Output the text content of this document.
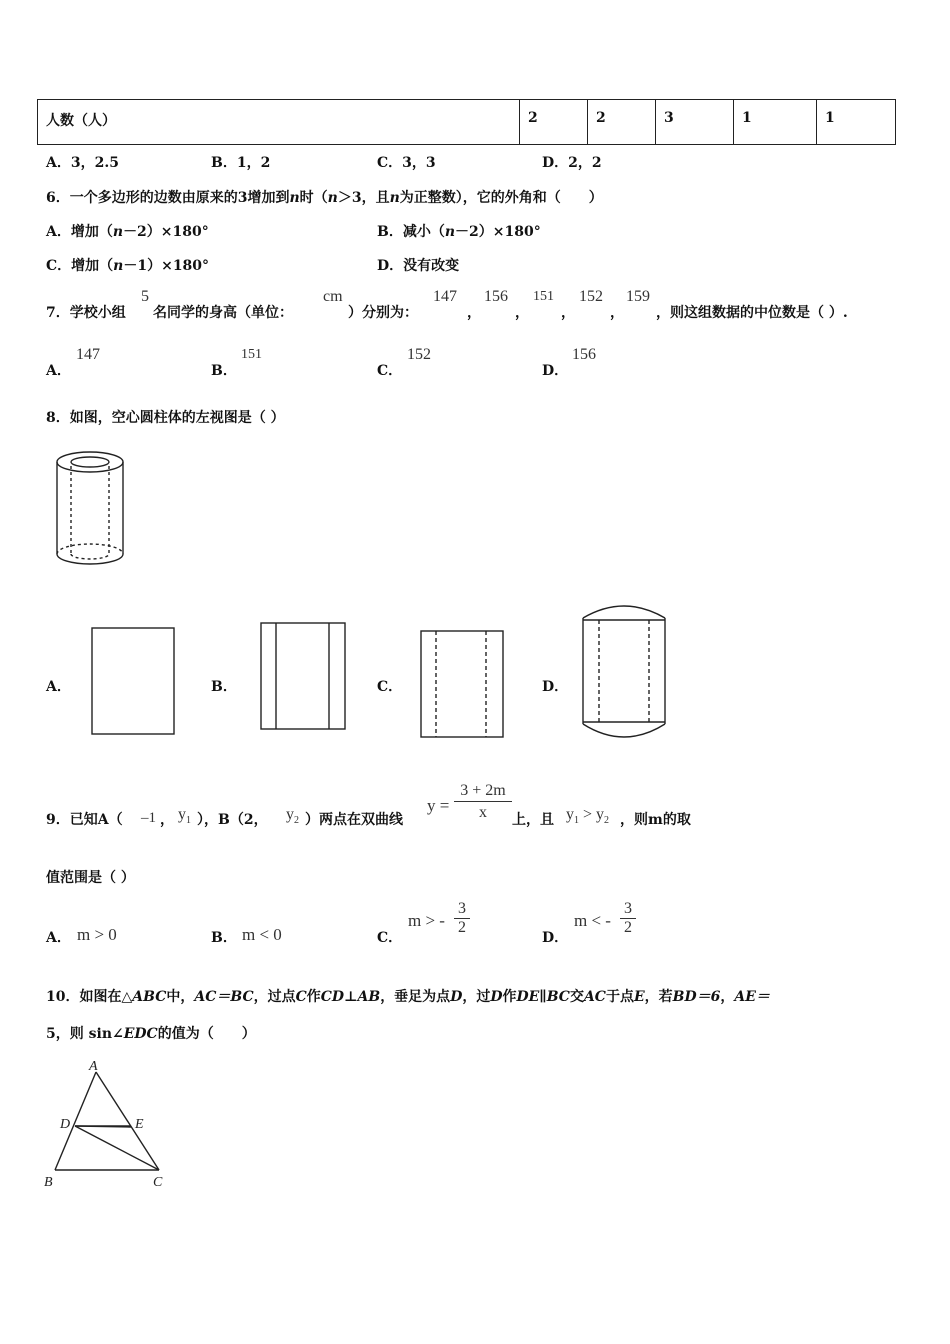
人数（人）	2	2	3	1	1
A．3，2.5	B．1，2	C．3，3	D．2，2
6．一个多边形的边数由原来的3增加到n时（n＞3，且n为正整数），它的外角和（　　）
A．增加（n－2）×180°	B．减小（n－2）×180°
C．增加（n－1）×180°	D．没有改变
7．学校小组
5
名同学的身高（单位：
cm
）分别为：
147
，
156
，
151
，
152
，
159
，则这组数据的中位数是（ ）.
A．
147
B．
151
C．
152
D．
156
8．如图，空心圆柱体的左视图是（ ）
A．	B．	C．	D．
9．已知A（ –1 ， $y_1$ ），B（2， $y_2$ ）两点在双曲线
$y = \frac{3 + 2m}{x}$ 上，且 $y_1 > y_2$ ，则m的取
值范围是（ ）
A． m > 0	B． m < 0	C．
m > - $\frac{3}{2}$
D．
m < - $\frac{3}{2}$
10．如图在△ABC中，AC＝BC，过点C作CD⊥AB，垂足为点D，过D作DE∥BC交AC于点E，若BD＝6，AE＝
5，则 sin∠EDC的值为（　　）
A
D	E
B	C
